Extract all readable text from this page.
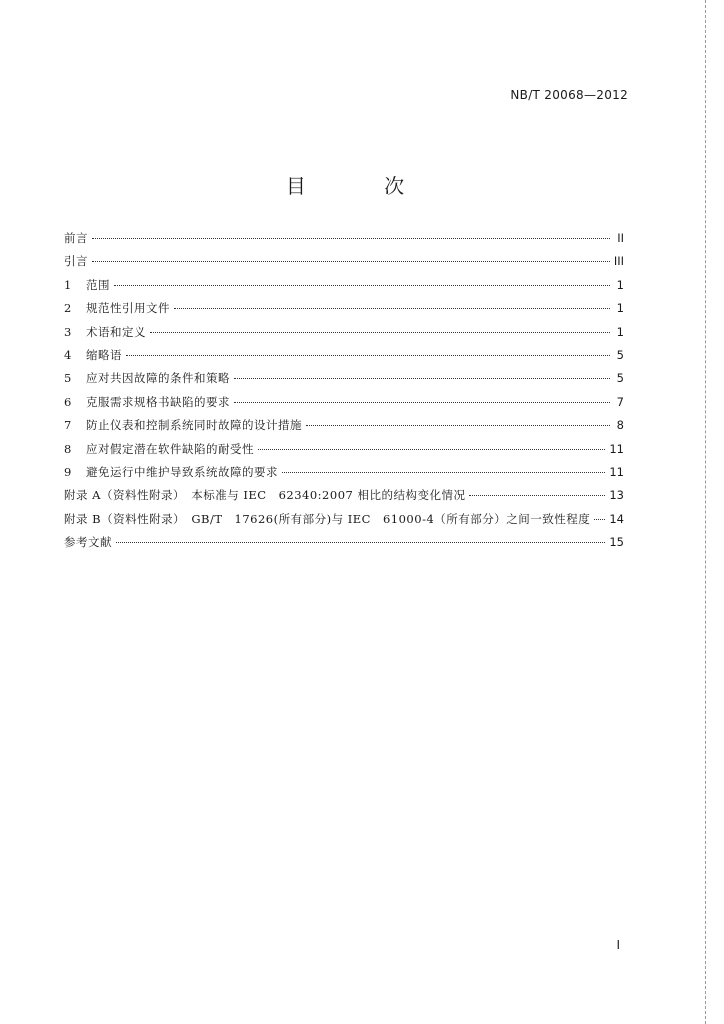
NB/T 20068—2012
目 次
前言	II
引言	III
1	范围	1
2	规范性引用文件	1
3	术语和定义	1
4	缩略语	5
5	应对共因故障的条件和策略	5
6	克服需求规格书缺陷的要求	7
7	防止仪表和控制系统同时故障的设计措施	8
8	应对假定潜在软件缺陷的耐受性	11
9	避免运行中维护导致系统故障的要求	11
附录 A（资料性附录）　本标准与 IEC　62340:2007 相比的结构变化情况	13
附录 B（资料性附录）　GB/T　17626(所有部分)与 IEC　61000-4（所有部分）之间一致性程度 14
参考文献	15
I
